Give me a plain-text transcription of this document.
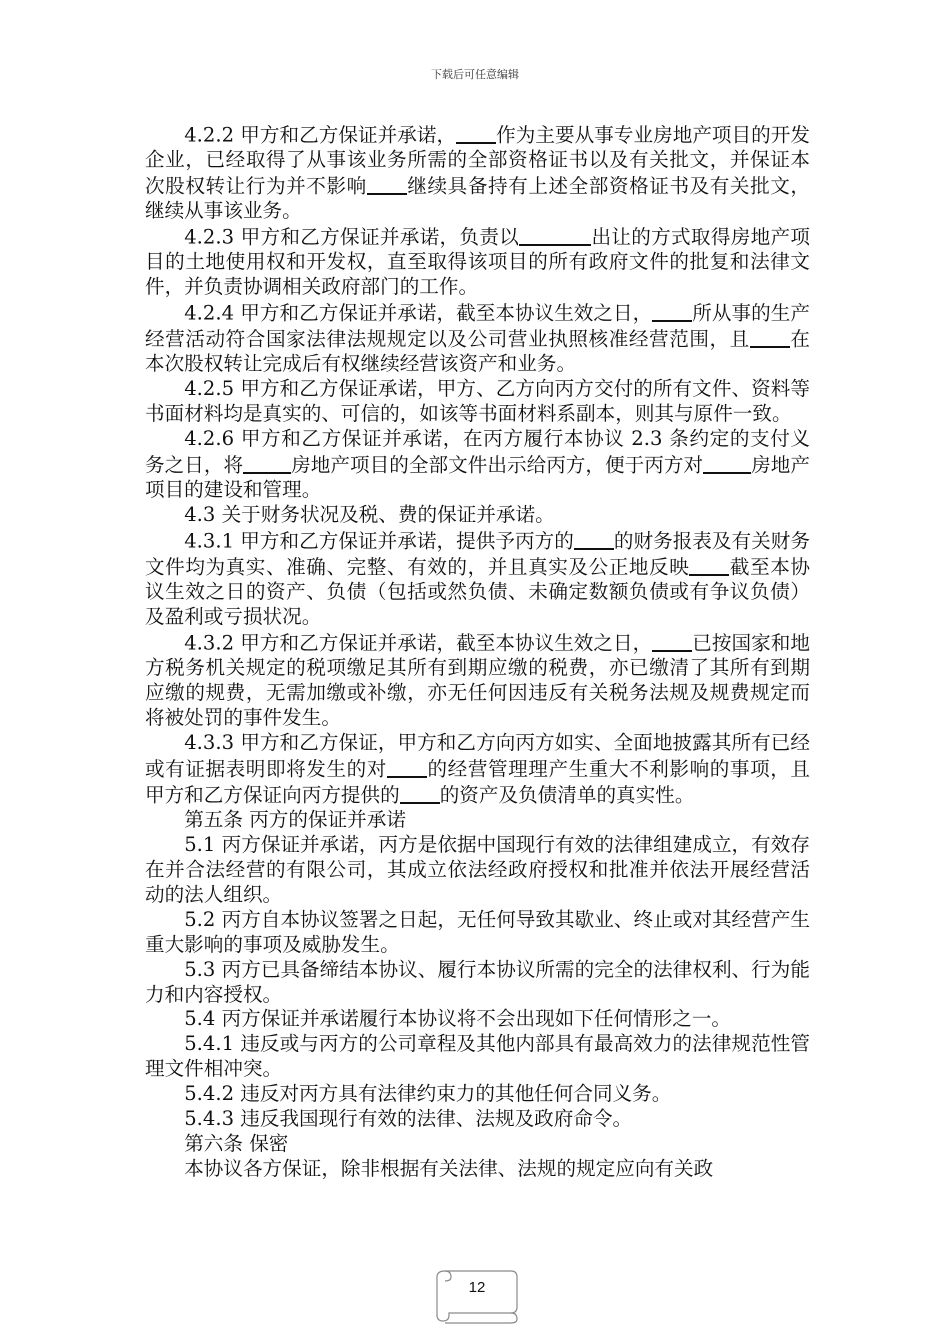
下载后可任意编辑

4.2.2 甲方和乙方保证并承诺， 作为主要从事专业房地产项目的开发企业，已经取得了从事该业务所需的全部资格证书以及有关批文，并保证本次股权转让行为并不影响 继续具备持有上述全部资格证书及有关批文，继续从事该业务。

4.2.3 甲方和乙方保证并承诺，负责以	出让的方式取得房地产项目的土地使用权和开发权，直至取得该项目的所有政府文件的批复和法律文件，并负责协调相关政府部门的工作。

4.2.4 甲方和乙方保证并承诺，截至本协议生效之日， 所从事的生产经营活动符合国家法律法规规定以及公司营业执照核准经营范围，且 在本次股权转让完成后有权继续经营该资产和业务。

4.2.5 甲方和乙方保证承诺，甲方、乙方向丙方交付的所有文件、资料等书面材料均是真实的、可信的，如该等书面材料系副本，则其与原件一致。

4.2.6 甲方和乙方保证并承诺，在丙方履行本协议 2.3 条约定的支付义务之日，将 房地产项目的全部文件出示给丙方，便于丙方对 房地产项目的建设和管理。

4.3 关于财务状况及税、费的保证并承诺。

4.3.1 甲方和乙方保证并承诺，提供予丙方的 的财务报表及有关财务文件均为真实、准确、完整、有效的，并且真实及公正地反映 截至本协议生效之日的资产、负债（包括或然负债、未确定数额负债或有争议负债）及盈利或亏损状况。

4.3.2 甲方和乙方保证并承诺，截至本协议生效之日， 已按国家和地方税务机关规定的税项缴足其所有到期应缴的税费，亦已缴清了其所有到期应缴的规费，无需加缴或补缴，亦无任何因违反有关税务法规及规费规定而将被处罚的事件发生。

4.3.3 甲方和乙方保证，甲方和乙方向丙方如实、全面地披露其所有已经或有证据表明即将发生的对 的经营管理理产生重大不利影响的事项，且甲方和乙方保证向丙方提供的 的资产及负债清单的真实性。

第五条 丙方的保证并承诺

5.1 丙方保证并承诺，丙方是依据中国现行有效的法律组建成立，有效存在并合法经营的有限公司，其成立依法经政府授权和批准并依法开展经营活动的法人组织。

5.2 丙方自本协议签署之日起，无任何导致其歇业、终止或对其经营产生重大影响的事项及威胁发生。

5.3 丙方已具备缔结本协议、履行本协议所需的完全的法律权利、行为能力和内容授权。

5.4 丙方保证并承诺履行本协议将不会出现如下任何情形之一。

5.4.1 违反或与丙方的公司章程及其他内部具有最高效力的法律规范性管理文件相冲突。

5.4.2 违反对丙方具有法律约束力的其他任何合同义务。

5.4.3 违反我国现行有效的法律、法规及政府命令。

第六条 保密

本协议各方保证，除非根据有关法律、法规的规定应向有关政

12
